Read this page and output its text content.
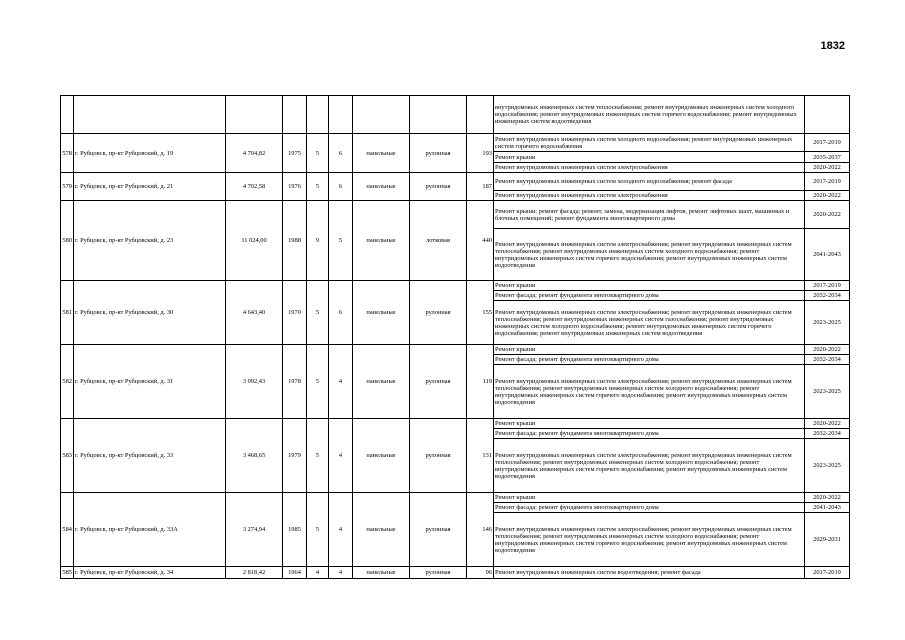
1832
									внутридомовых инженерных систем теплоснабжения; ремонт внутридомовых инженерных систем холодного водоснабжения; ремонт внутридомовых инженерных систем горячего водоснабжения; ремонт внутридомовых инженерных систем водоотведения	
578	г. Рубцовск, пр-кт Рубцовский, д. 19	4 704,82	1975	5	6	панельные	рулонная	193	Ремонт внутридомовых инженерных систем холодного водоснабжения; ремонт внутридомовых инженерных систем горячего водоснабжения	2017-2019
									Ремонт крыши	2035-2037
									Ремонт внутридомовых инженерных систем электроснабжения	2020-2022
579	г. Рубцовск, пр-кт Рубцовский, д. 21	4 702,58	1976	5	6	панельные	рулонная	187	Ремонт внутридомовых инженерных систем холодного водоснабжения; ремонт фасада	2017-2019
									Ремонт внутридомовых инженерных систем электроснабжения	2020-2022
580	г. Рубцовск, пр-кт Рубцовский, д. 23	11 024,00	1988	9	5	панельные	лотковая	440	Ремонт крыши; ремонт фасада; ремонт, замена, модернизация лифтов, ремонт лифтовых шахт, машинных и блочных помещений; ремонт фундамента многоквартирного дома	2020-2022
									Ремонт внутридомовых инженерных систем электроснабжения; ремонт внутридомовых инженерных систем теплоснабжения; ремонт внутридомовых инженерных систем холодного водоснабжения; ремонт внутридомовых инженерных систем горячего водоснабжения; ремонт внутридомовых инженерных систем водоотведения	2041-2043
581	г. Рубцовск, пр-кт Рубцовский, д. 30	4 643,40	1970	5	6	панельные	рулонная	155	Ремонт крыши	2017-2019
									Ремонт фасада; ремонт фундамента многоквартирного дома	2032-2034
									Ремонт внутридомовых инженерных систем электроснабжения; ремонт внутридомовых инженерных систем теплоснабжения; ремонт внутридомовых инженерных систем газоснабжения; ремонт внутридомовых инженерных систем холодного водоснабжения; ремонт внутридомовых инженерных систем горячего водоснабжения; ремонт внутридомовых инженерных систем водоотведения	2023-2025
582	г. Рубцовск, пр-кт Рубцовский, д. 31	3 992,43	1978	5	4	панельные	рулонная	119	Ремонт крыши	2020-2022
									Ремонт фасада; ремонт фундамента многоквартирного дома	2032-2034
									Ремонт внутридомовых инженерных систем электроснабжения; ремонт внутридомовых инженерных систем теплоснабжения; ремонт внутридомовых инженерных систем холодного водоснабжения; ремонт внутридомовых инженерных систем горячего водоснабжения; ремонт внутридомовых инженерных систем водоотведения	2023-2025
583	г. Рубцовск, пр-кт Рубцовский, д. 33	3 468,65	1979	5	4	панельные	рулонная	131	Ремонт крыши	2020-2022
									Ремонт фасада; ремонт фундамента многоквартирного дома	2032-2034
									Ремонт внутридомовых инженерных систем электроснабжения; ремонт внутридомовых инженерных систем теплоснабжения; ремонт внутридомовых инженерных систем холодного водоснабжения; ремонт внутридомовых инженерных систем горячего водоснабжения; ремонт внутридомовых инженерных систем водоотведения	2023-2025
584	г. Рубцовск, пр-кт Рубцовский, д. 33А	3 274,94	1985	5	4	панельные	рулонная	146	Ремонт крыши	2020-2022
									Ремонт фасада; ремонт фундамента многоквартирного дома	2041-2043
									Ремонт внутридомовых инженерных систем электроснабжения; ремонт внутридомовых инженерных систем теплоснабжения; ремонт внутридомовых инженерных систем холодного водоснабжения; ремонт внутридомовых инженерных систем горячего водоснабжения; ремонт внутридомовых инженерных систем водоотведения	2029-2031
585	г. Рубцовск, пр-кт Рубцовский, д. 34	2 818,42	1964	4	4	панельные	рулонная	96	Ремонт внутридомовых инженерных систем водоотведения; ремонт фасада	2017-2019
